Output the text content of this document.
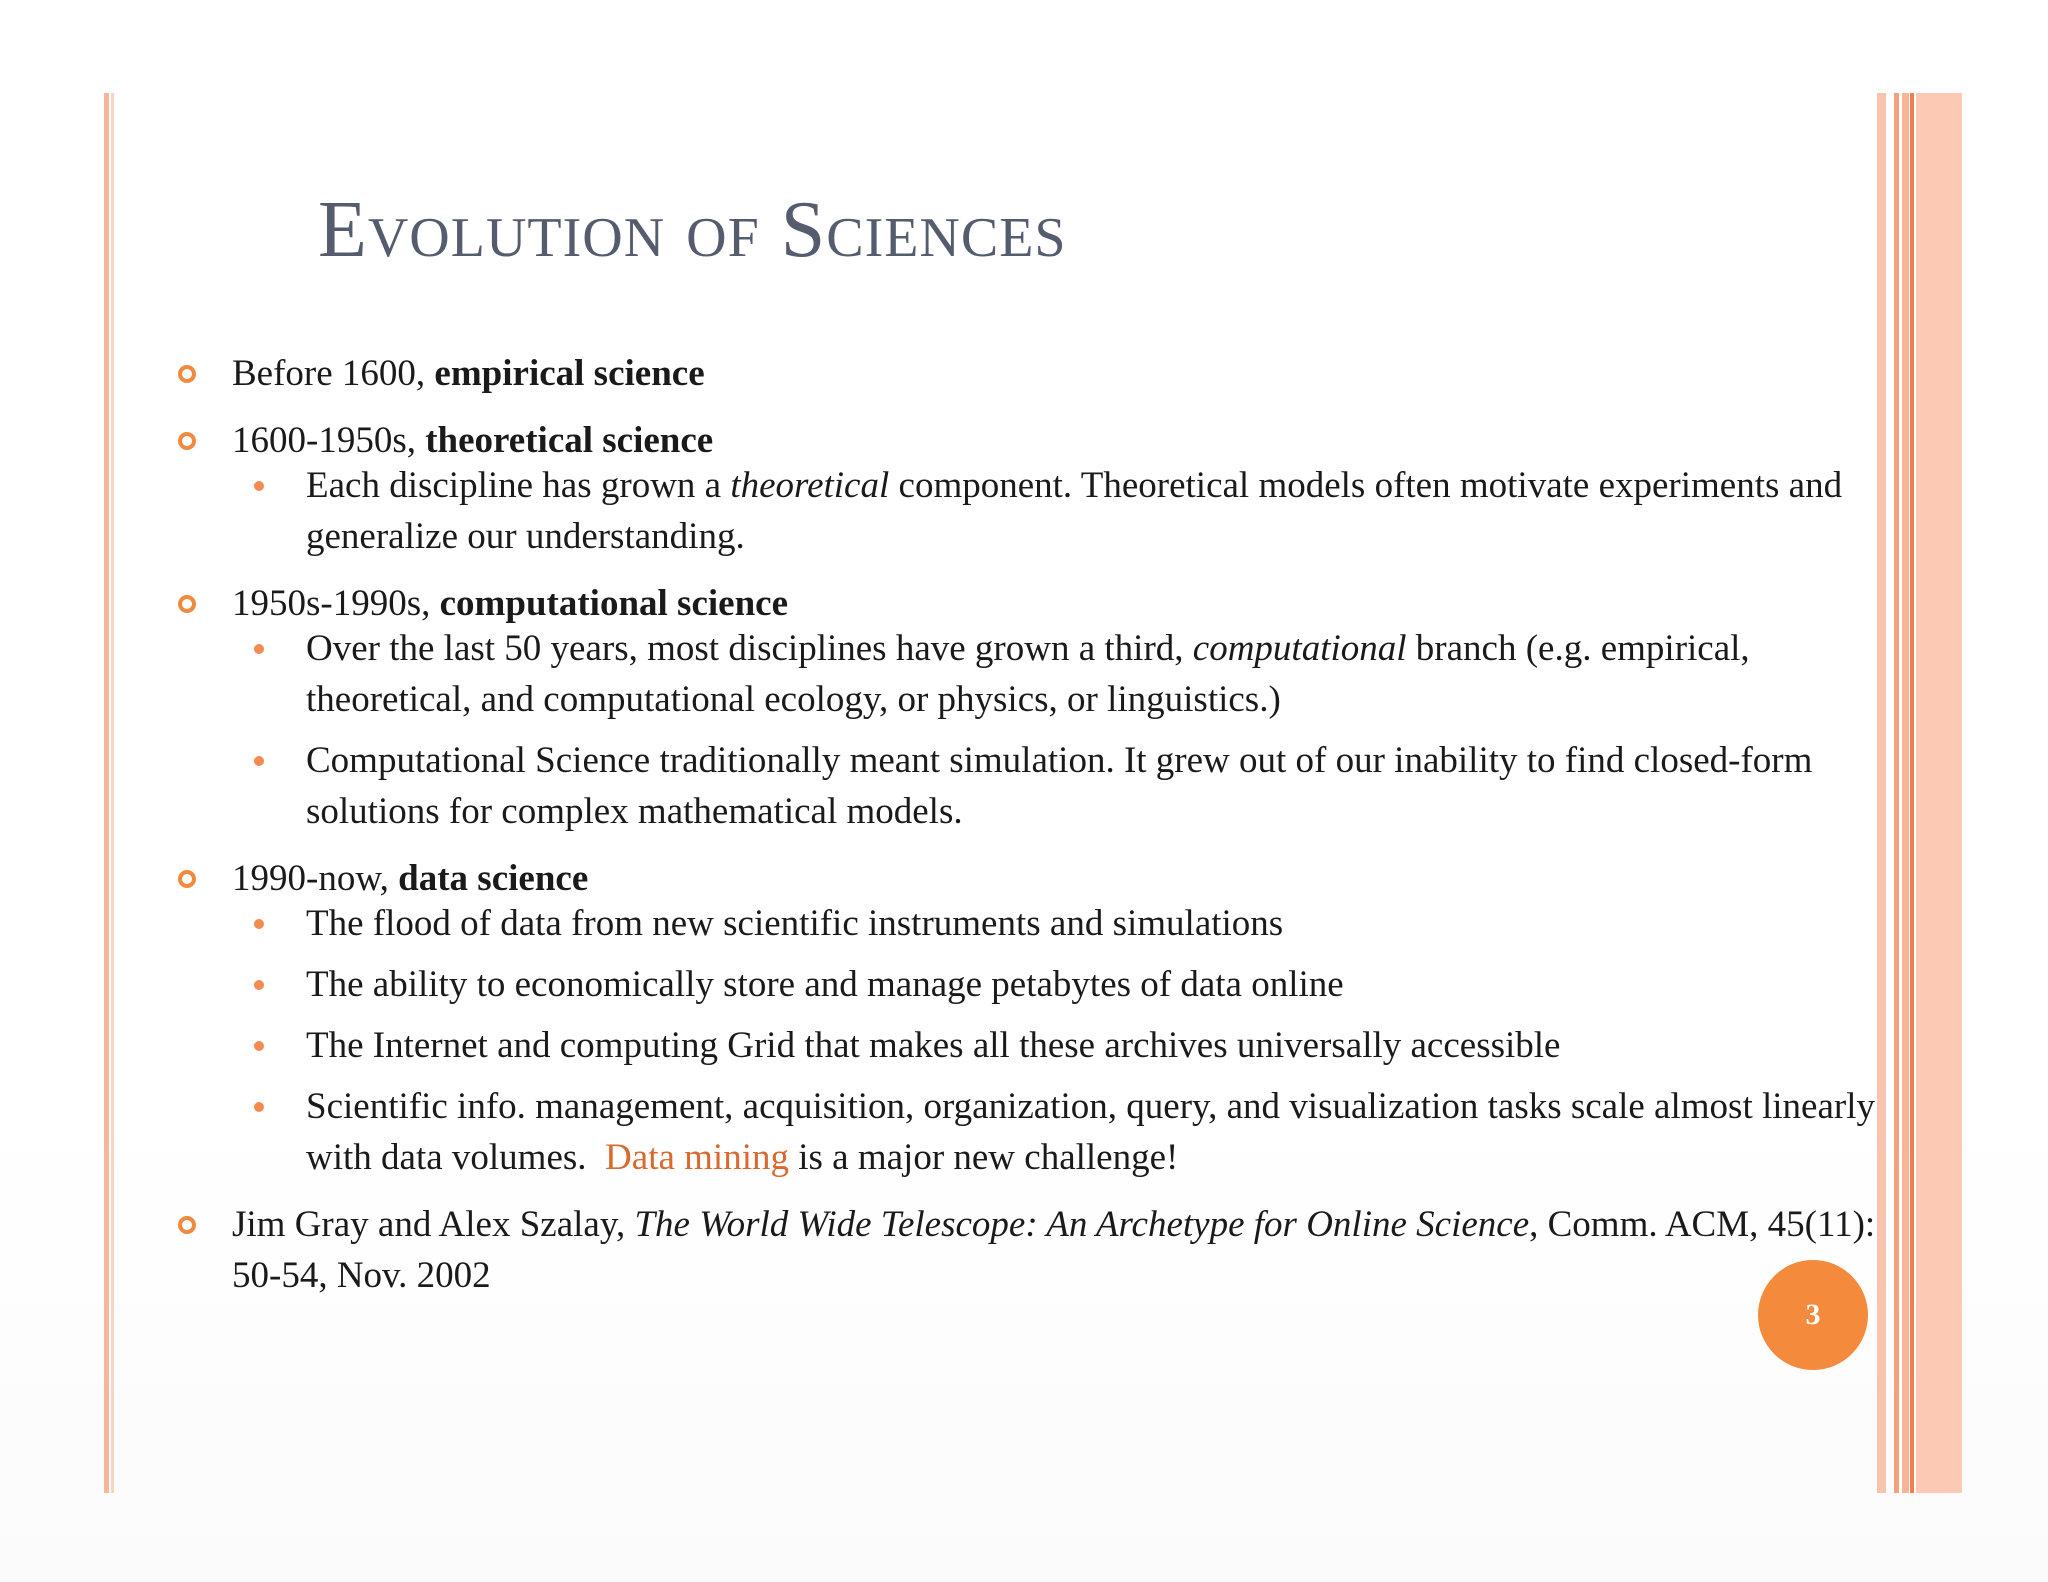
Evolution of Sciences
Before 1600, empirical science
1600-1950s, theoretical science
Each discipline has grown a theoretical component. Theoretical models often motivate experiments and generalize our understanding.
1950s-1990s, computational science
Over the last 50 years, most disciplines have grown a third, computational branch (e.g. empirical, theoretical, and computational ecology, or physics, or linguistics.)
Computational Science traditionally meant simulation. It grew out of our inability to find closed-form solutions for complex mathematical models.
1990-now, data science
The flood of data from new scientific instruments and simulations
The ability to economically store and manage petabytes of data online
The Internet and computing Grid that makes all these archives universally accessible
Scientific info. management, acquisition, organization, query, and visualization tasks scale almost linearly with data volumes.  Data mining is a major new challenge!
Jim Gray and Alex Szalay, The World Wide Telescope: An Archetype for Online Science, Comm. ACM, 45(11): 50-54, Nov. 2002
3
